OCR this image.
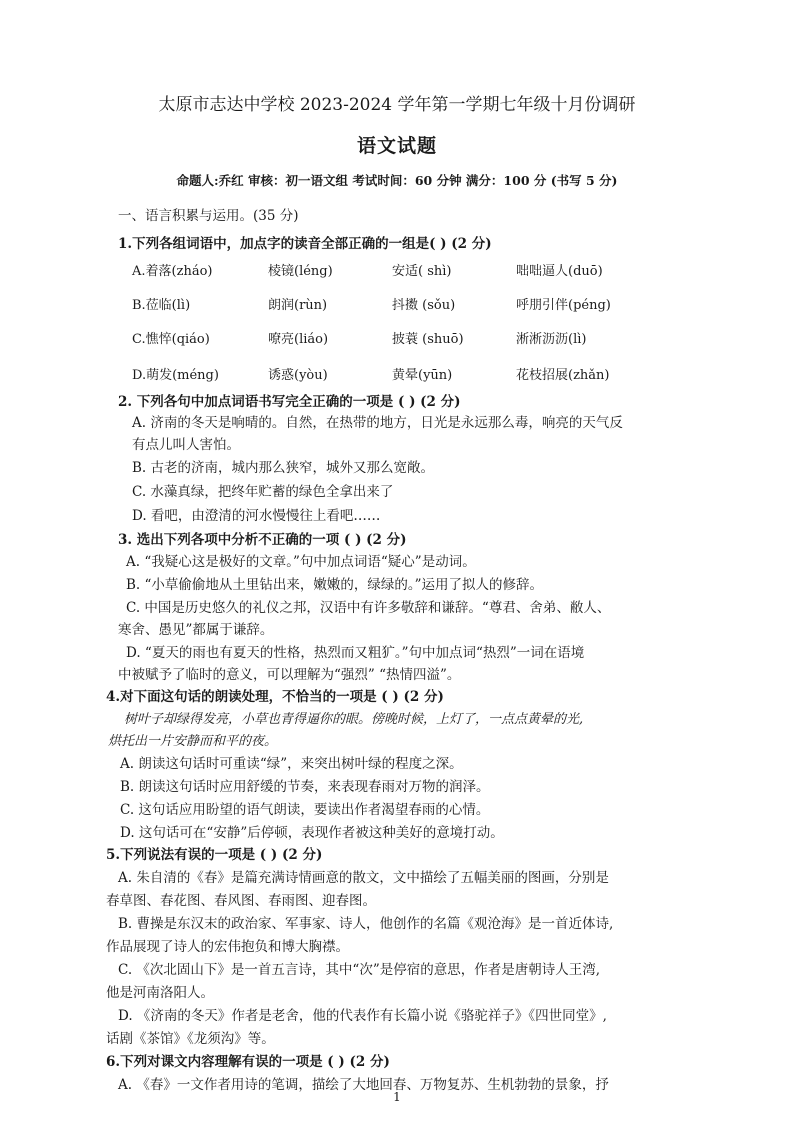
太原市志达中学校 2023-2024 学年第一学期七年级十月份调研
语文试题
命题人:乔红 审核：初一语文组 考试时间：60 分钟 满分：100 分 (书写 5 分)
一、语言积累与运用。(35 分)
1.下列各组词语中，加点字的读音全部正确的一组是( ) (2 分)
A.着落(zháo)	棱镜(léng)	安适( shì)	咄咄逼人(duō)
B.莅临(lì)	朗润(rùn)	抖擞 (sǒu)	呼朋引伴(péng)
C.憔悴(qiáo)	嘹亮(liáo)	披蓑 (shuō)	淅淅沥沥(lì)
D.萌发(méng)	诱惑(yòu)	黄晕(yūn)	花枝招展(zhǎn)
2. 下列各句中加点词语书写完全正确的一项是 ( ) (2 分)
A. 济南的冬天是响晴的。自然，在热带的地方，日光是永远那么毒，响亮的天气反
有点儿叫人害怕。
B. 古老的济南，城内那么狭窄，城外又那么宽敞。
C. 水藻真绿，把终年贮蓄的绿色全拿出来了
D. 看吧，由澄清的河水慢慢往上看吧……
3. 选出下列各项中分析不正确的一项 ( ) (2 分)
A. “我疑心这是极好的文章。”句中加点词语“疑心”是动词。
B. “小草偷偷地从土里钻出来，嫩嫩的，绿绿的。”运用了拟人的修辞。
C. 中国是历史悠久的礼仪之邦，汉语中有许多敬辞和谦辞。“尊君、舍弟、敝人、
寒舍、愚见”都属于谦辞。
D. “夏天的雨也有夏天的性格，热烈而又粗犷。”句中加点词“热烈”一词在语境
中被赋予了临时的意义，可以理解为“强烈” “热情四溢”。
4.对下面这句话的朗读处理，不恰当的一项是 ( ) (2 分)
树叶子却绿得发亮，小草也青得逼你的眼。傍晚时候，上灯了，一点点黄晕的光,
烘托出一片安静而和平的夜。
A. 朗读这句话时可重读“绿”，来突出树叶绿的程度之深。
B. 朗读这句话时应用舒缓的节奏，来表现春雨对万物的润泽。
C. 这句话应用盼望的语气朗读，要读出作者渴望春雨的心情。
D. 这句话可在“安静”后停顿，表现作者被这种美好的意境打动。
5.下列说法有误的一项是 ( ) (2 分)
A. 朱自清的《春》是篇充满诗情画意的散文，文中描绘了五幅美丽的图画，分别是
春草图、春花图、春风图、春雨图、迎春图。
B. 曹操是东汉末的政治家、军事家、诗人，他创作的名篇《观沧海》是一首近体诗,
作品展现了诗人的宏伟抱负和博大胸襟。
C. 《次北固山下》是一首五言诗，其中“次”是停宿的意思，作者是唐朝诗人王湾,
他是河南洛阳人。
D. 《济南的冬天》作者是老舍，他的代表作有长篇小说《骆驼祥子》《四世同堂》,
话剧《茶馆》《龙须沟》等。
6.下列对课文内容理解有误的一项是 ( ) (2 分)
A. 《春》一文作者用诗的笔调，描绘了大地回春、万物复苏、生机勃勃的景象，抒
1
